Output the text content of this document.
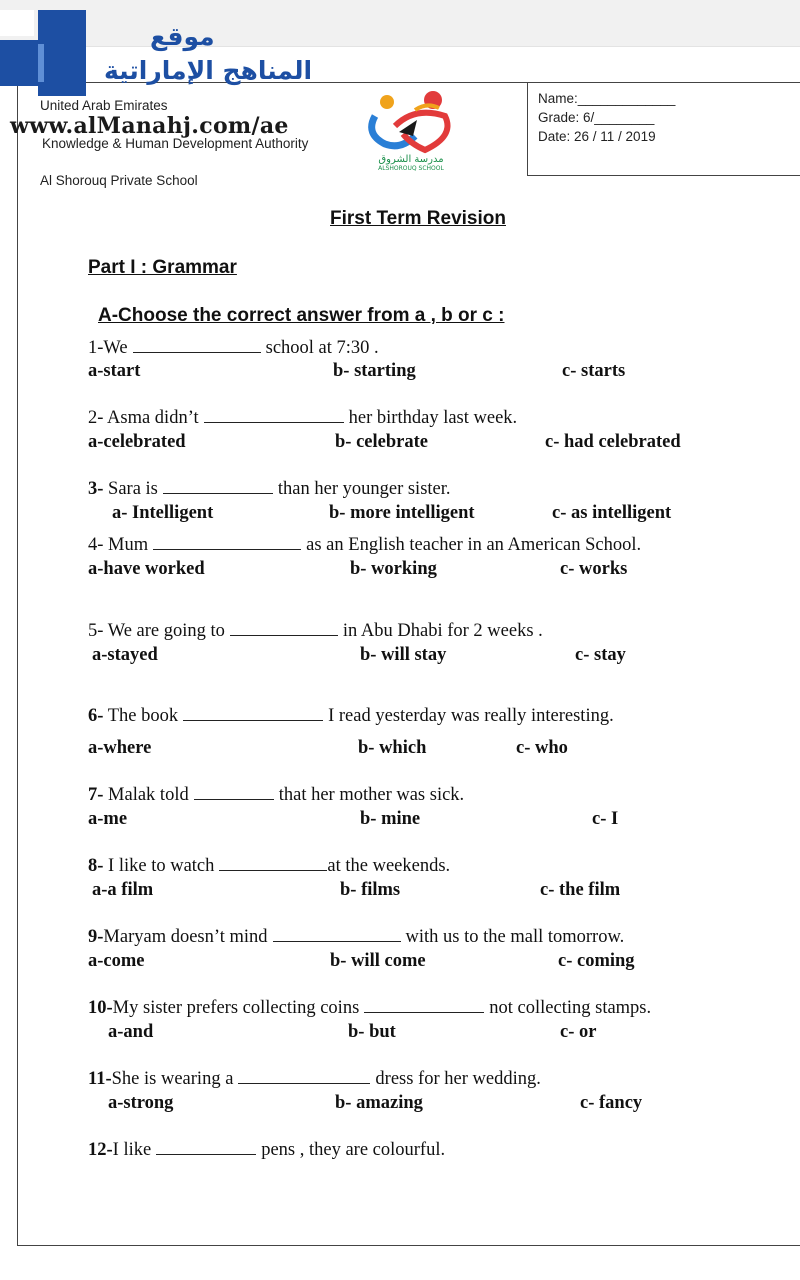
موقع
المناهج الإماراتية
United Arab Emirates
www.alManahj.com/ae
Knowledge & Human Development Authority
Al Shorouq Private School
مدرسة الشروق
ALSHOROUQ SCHOOL
Name:_____________
Grade: 6/________
Date: 26 / 11 / 2019
First Term Revision
Part I : Grammar
A-Choose the correct answer from a , b or c :
1-We	school at 7:30 .
a-start	b- starting	c- starts
2- Asma didn’t	her birthday last week.
a-celebrated	b- celebrate	c- had celebrated
3- Sara is	than her younger sister.
a- Intelligent	b- more intelligent	c- as intelligent
4- Mum	as an English teacher in an American School.
a-have worked	b- working	c- works
5- We are going to	in Abu Dhabi for 2 weeks .
a-stayed	b- will stay	c- stay
6- The book	I read yesterday was really interesting.
a-where	b- which	c- who
7- Malak told	that her mother was sick.
a-me	b- mine	c- I
8- I like to watch	at the weekends.
a-a film	b- films	c- the film
9-Maryam doesn’t mind	with us to the mall tomorrow.
a-come	b- will come	c- coming
10-My sister prefers collecting coins	not collecting stamps.
a-and	b- but	c- or
11-She is wearing a	dress for her wedding.
a-strong	b- amazing	c- fancy
12-I like	pens , they are colourful.
